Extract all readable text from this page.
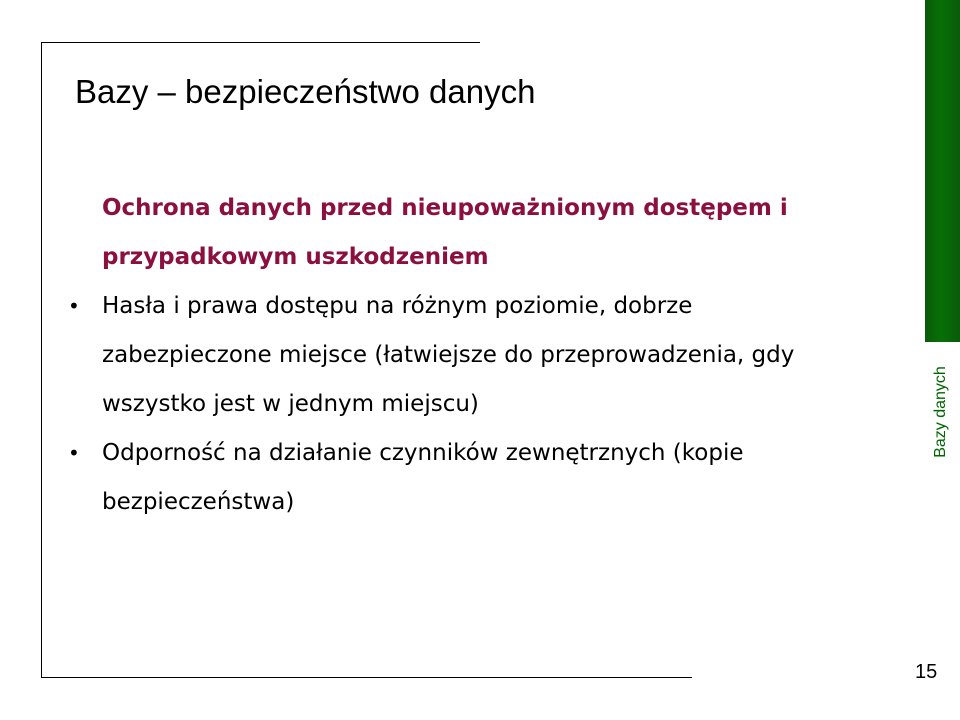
Bazy danych
Bazy – bezpieczeństwo danych

Ochrona danych przed nieupoważnionym dostępem i przypadkowym uszkodzeniem

• Hasła i prawa dostępu na różnym poziomie, dobrze zabezpieczone miejsce (łatwiejsze do przeprowadzenia, gdy wszystko jest w jednym miejscu)
• Odporność na działanie czynników zewnętrznych (kopie bezpieczeństwa)
15
